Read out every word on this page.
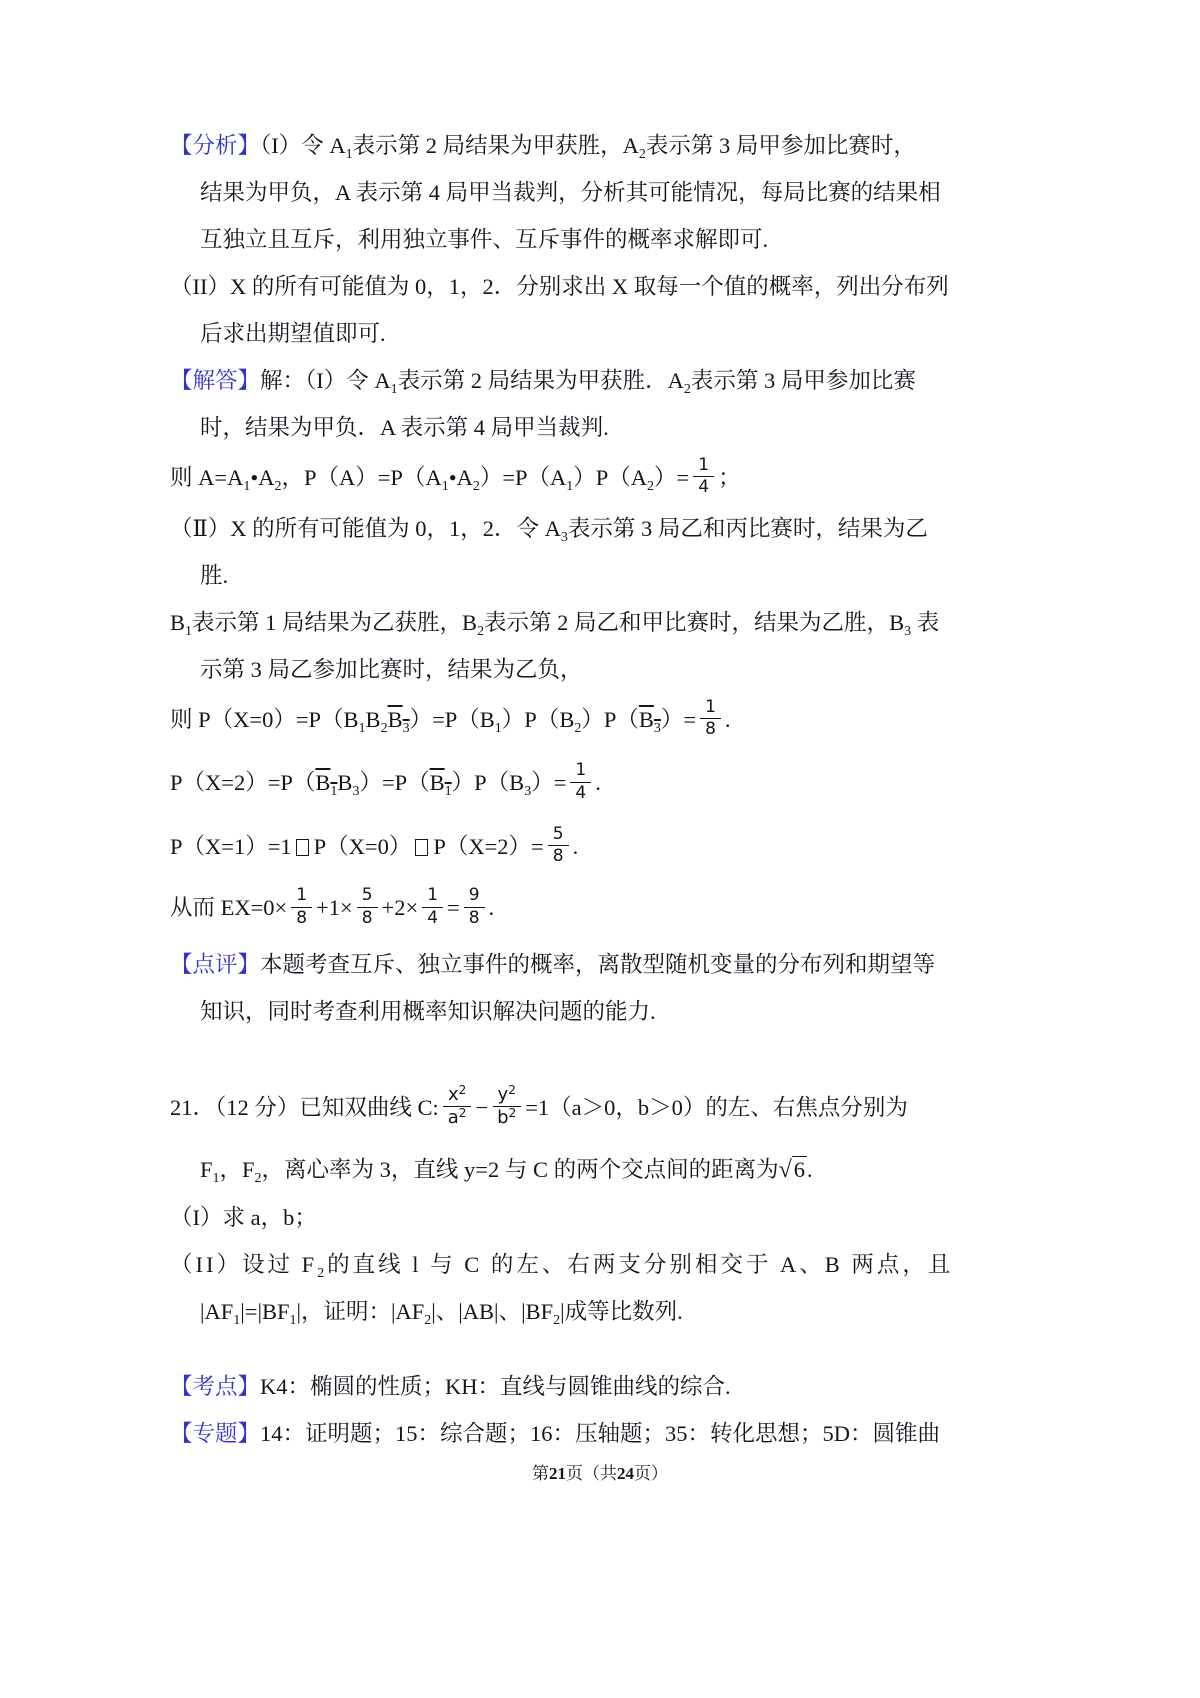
【分析】（I）令 $A_1$表示第 2 局结果为甲获胜，$A_2$表示第 3 局甲参加比赛时，
结果为甲负，A 表示第 4 局甲当裁判，分析其可能情况，每局比赛的结果相
互独立且互斥，利用独立事件、互斥事件的概率求解即可.
（II）X 的所有可能值为 0，1，2．分别求出 X 取每一个值的概率，列出分布列
后求出期望值即可.
【解答】解：（I）令 $A_1$表示第 2 局结果为甲获胜．$A_2$表示第 3 局甲参加比赛
时，结果为甲负．A 表示第 4 局甲当裁判.
则 $A=A_1•A_2$，$P(A)=P(A_1•A_2)=P(A_1)P(A_2)= \frac{1}{4}$ ；
（Ⅱ）X 的所有可能值为 0，1，2．令 $A_3$表示第 3 局乙和丙比赛时，结果为乙
胜.
$B_1$表示第 1 局结果为乙获胜，$B_2$表示第 2 局乙和甲比赛时，结果为乙胜，$B_3$ 表
示第 3 局乙参加比赛时，结果为乙负，
则 $P(X=0)=P(B_1B_2B_3)=P(B_1)P(B_2)P(B_3)= \frac{1}{8}$ .
$P(X=2)=P(B_1B_3)=P(B_1)P(B_3)= \frac{1}{4}$ .
P（X=1）=1 P（X=0） $P(X=2)= \frac{5}{8}$ .
从而 $EX=0\times \frac{1}{8} +1\times \frac{5}{8} +2\times \frac{1}{4} = \frac{9}{8}$ .
【点评】本题考查互斥、独立事件的概率，离散型随机变量的分布列和期望等
知识，同时考查利用概率知识解决问题的能力.
21．（12 分）已知双曲线 C: $\frac{x^2}{a^2} - \frac{y^2}{b^2} =1(a>0$，b＞0）的左、右焦点分别为
$F_1$，$F_2$，离心率为 3，直线 y=2 与 C 的两个交点间的距离为√6.
（I）求 a，b；
（II）设过 $F_2$的直线 l 与 C 的左、右两支分别相交于 A、B 两点，且
$|AF_1|=|BF_1|$，证明：$|AF_2|$、|AB|、$|BF_2|$成等比数列.
【考点】K4：椭圆的性质；KH：直线与圆锥曲线的综合.
【专题】14：证明题；15：综合题；16：压轴题；35：转化思想；5D：圆锥曲
第21页（共24页）
